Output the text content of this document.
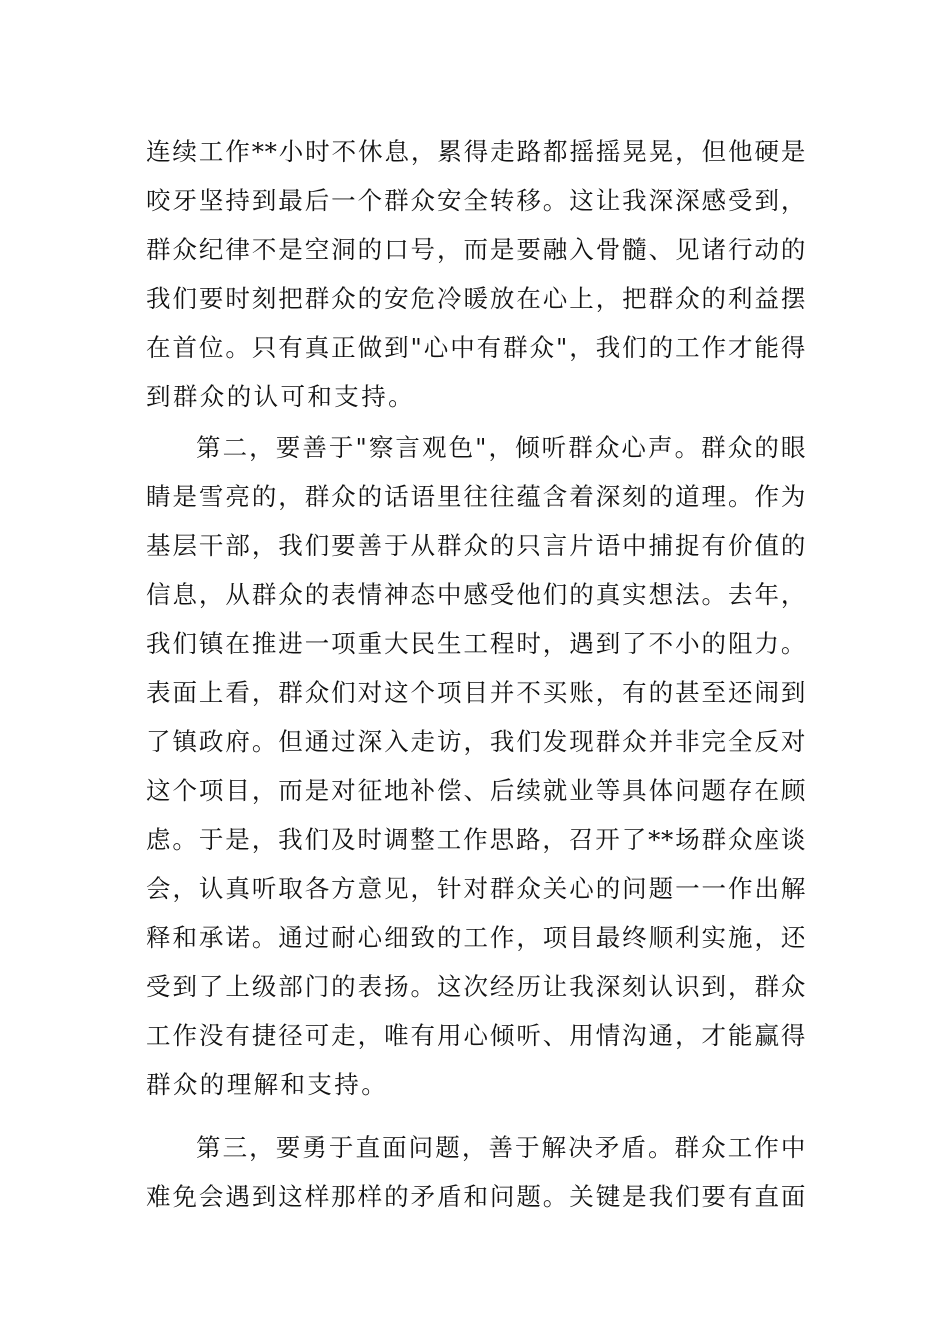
连续工作**小时不休息，累得走路都摇摇晃晃，但他硬是
咬牙坚持到最后一个群众安全转移。这让我深深感受到，
群众纪律不是空洞的口号，而是要融入骨髓、见诸行动的
我们要时刻把群众的安危冷暖放在心上，把群众的利益摆
在首位。只有真正做到"心中有群众"，我们的工作才能得
到群众的认可和支持。
第二，要善于"察言观色"，倾听群众心声。群众的眼
睛是雪亮的，群众的话语里往往蕴含着深刻的道理。作为
基层干部，我们要善于从群众的只言片语中捕捉有价值的
信息，从群众的表情神态中感受他们的真实想法。去年，
我们镇在推进一项重大民生工程时，遇到了不小的阻力。
表面上看，群众们对这个项目并不买账，有的甚至还闹到
了镇政府。但通过深入走访，我们发现群众并非完全反对
这个项目，而是对征地补偿、后续就业等具体问题存在顾
虑。于是，我们及时调整工作思路，召开了**场群众座谈
会，认真听取各方意见，针对群众关心的问题一一作出解
释和承诺。通过耐心细致的工作，项目最终顺利实施，还
受到了上级部门的表扬。这次经历让我深刻认识到，群众
工作没有捷径可走，唯有用心倾听、用情沟通，才能赢得
群众的理解和支持。
第三，要勇于直面问题，善于解决矛盾。群众工作中
难免会遇到这样那样的矛盾和问题。关键是我们要有直面
